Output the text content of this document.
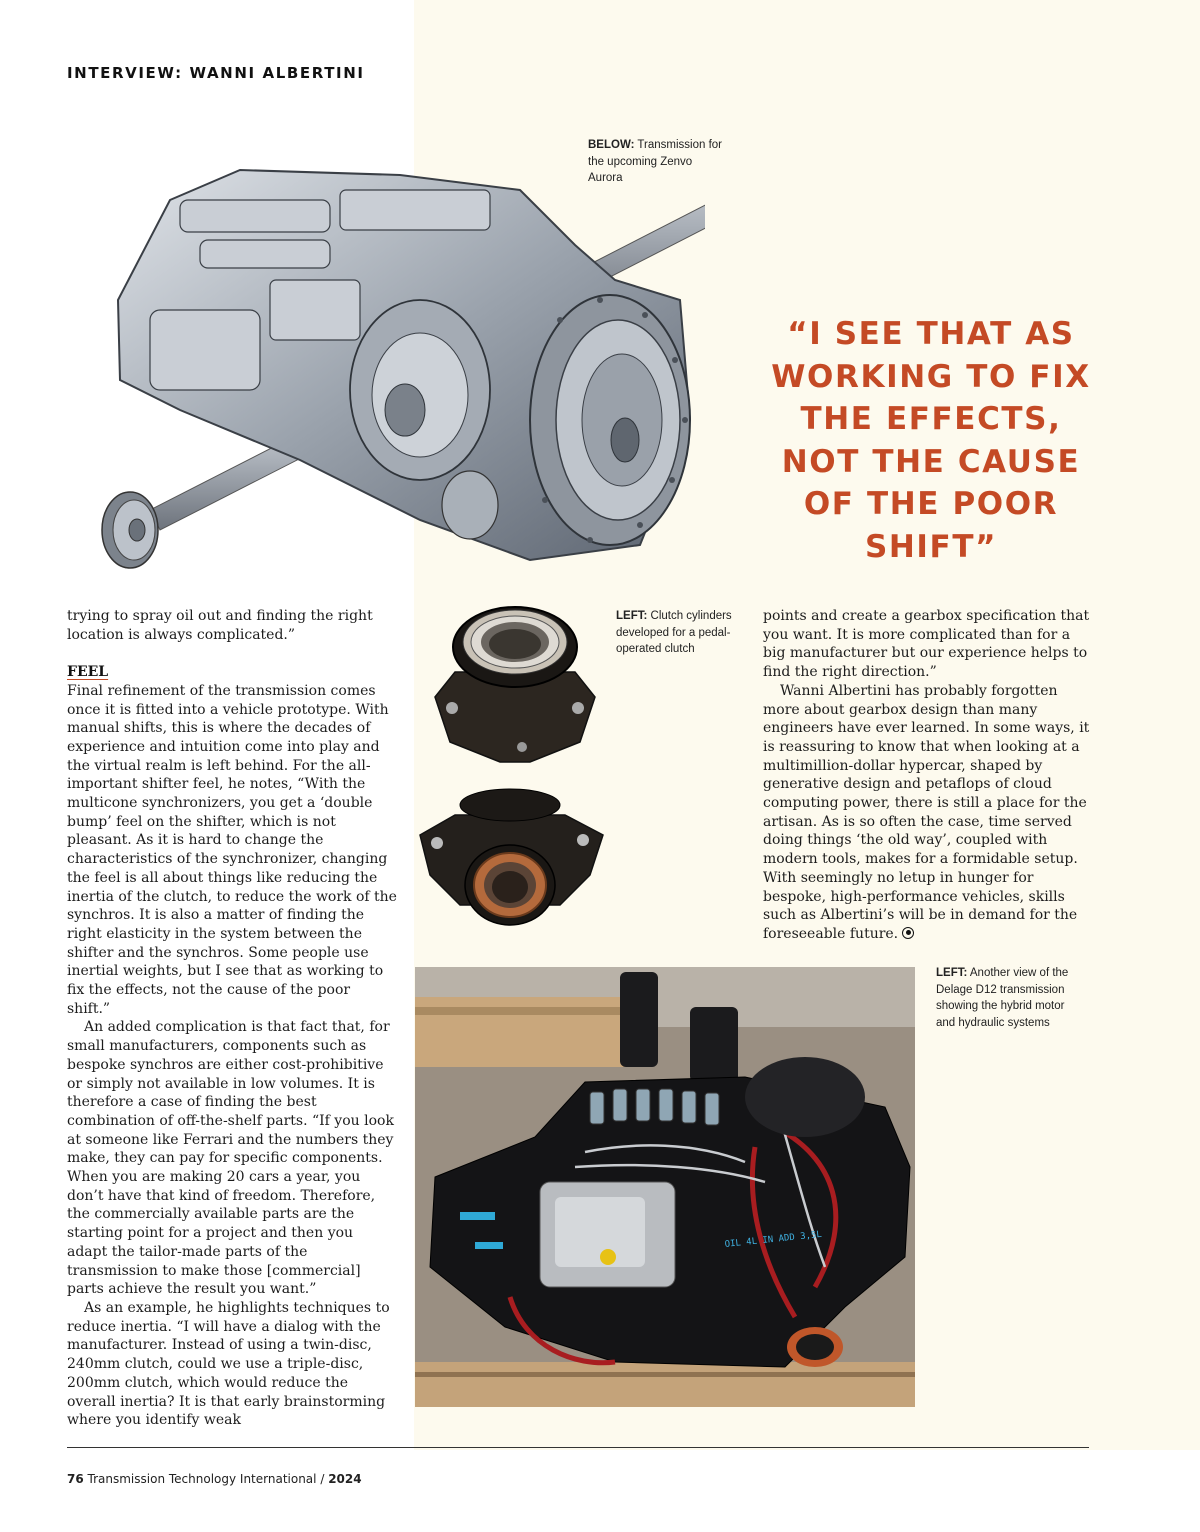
INTERVIEW: WANNI ALBERTINI
BELOW: Transmission for the upcoming Zenvo Aurora
“I SEE THAT AS WORKING TO FIX THE EFFECTS, NOT THE CAUSE OF THE POOR SHIFT”

trying to spray oil out and finding the right location is always complicated.”

FEEL

Final refinement of the transmission comes once it is fitted into a vehicle prototype. With manual shifts, this is where the decades of experience and intuition come into play and the virtual realm is left behind. For the all-important shifter feel, he notes, “With the multicone synchronizers, you get a ‘double bump’ feel on the shifter, which is not pleasant. As it is hard to change the characteristics of the synchronizer, changing the feel is all about things like reducing the inertia of the clutch, to reduce the work of the synchros. It is also a matter of finding the right elasticity in the system between the shifter and the synchros. Some people use inertial weights, but I see that as working to fix the effects, not the cause of the poor shift.”

An added complication is that fact that, for small manufacturers, components such as bespoke synchros are either cost-prohibitive or simply not available in low volumes. It is therefore a case of finding the best combination of off-the-shelf parts. “If you look at someone like Ferrari and the numbers they make, they can pay for specific components. When you are making 20 cars a year, you don’t have that kind of freedom. Therefore, the commercially available parts are the starting point for a project and then you adapt the tailor-made parts of the transmission to make those [commercial] parts achieve the result you want.”

As an example, he highlights techniques to reduce inertia. “I will have a dialog with the manufacturer. Instead of using a twin-disc, 240mm clutch, could we use a triple-disc, 200mm clutch, which would reduce the overall inertia? It is that early brainstorming where you identify weak

LEFT: Clutch cylinders developed for a pedal-operated clutch

points and create a gearbox specification that you want. It is more complicated than for a big manufacturer but our experience helps to find the right direction.”

Wanni Albertini has probably forgotten more about gearbox design than many engineers have ever learned. In some ways, it is reassuring to know that when looking at a multimillion-dollar hypercar, shaped by generative design and petaflops of cloud computing power, there is still a place for the artisan. As is so often the case, time served doing things ‘the old way’, coupled with modern tools, makes for a formidable setup. With seemingly no letup in hunger for bespoke, high-performance vehicles, skills such as Albertini’s will be in demand for the foreseeable future.

OIL 4L IN ADD 3,5L
LEFT: Another view of the Delage D12 transmission showing the hybrid motor and hydraulic systems
76 Transmission Technology International / 2024
